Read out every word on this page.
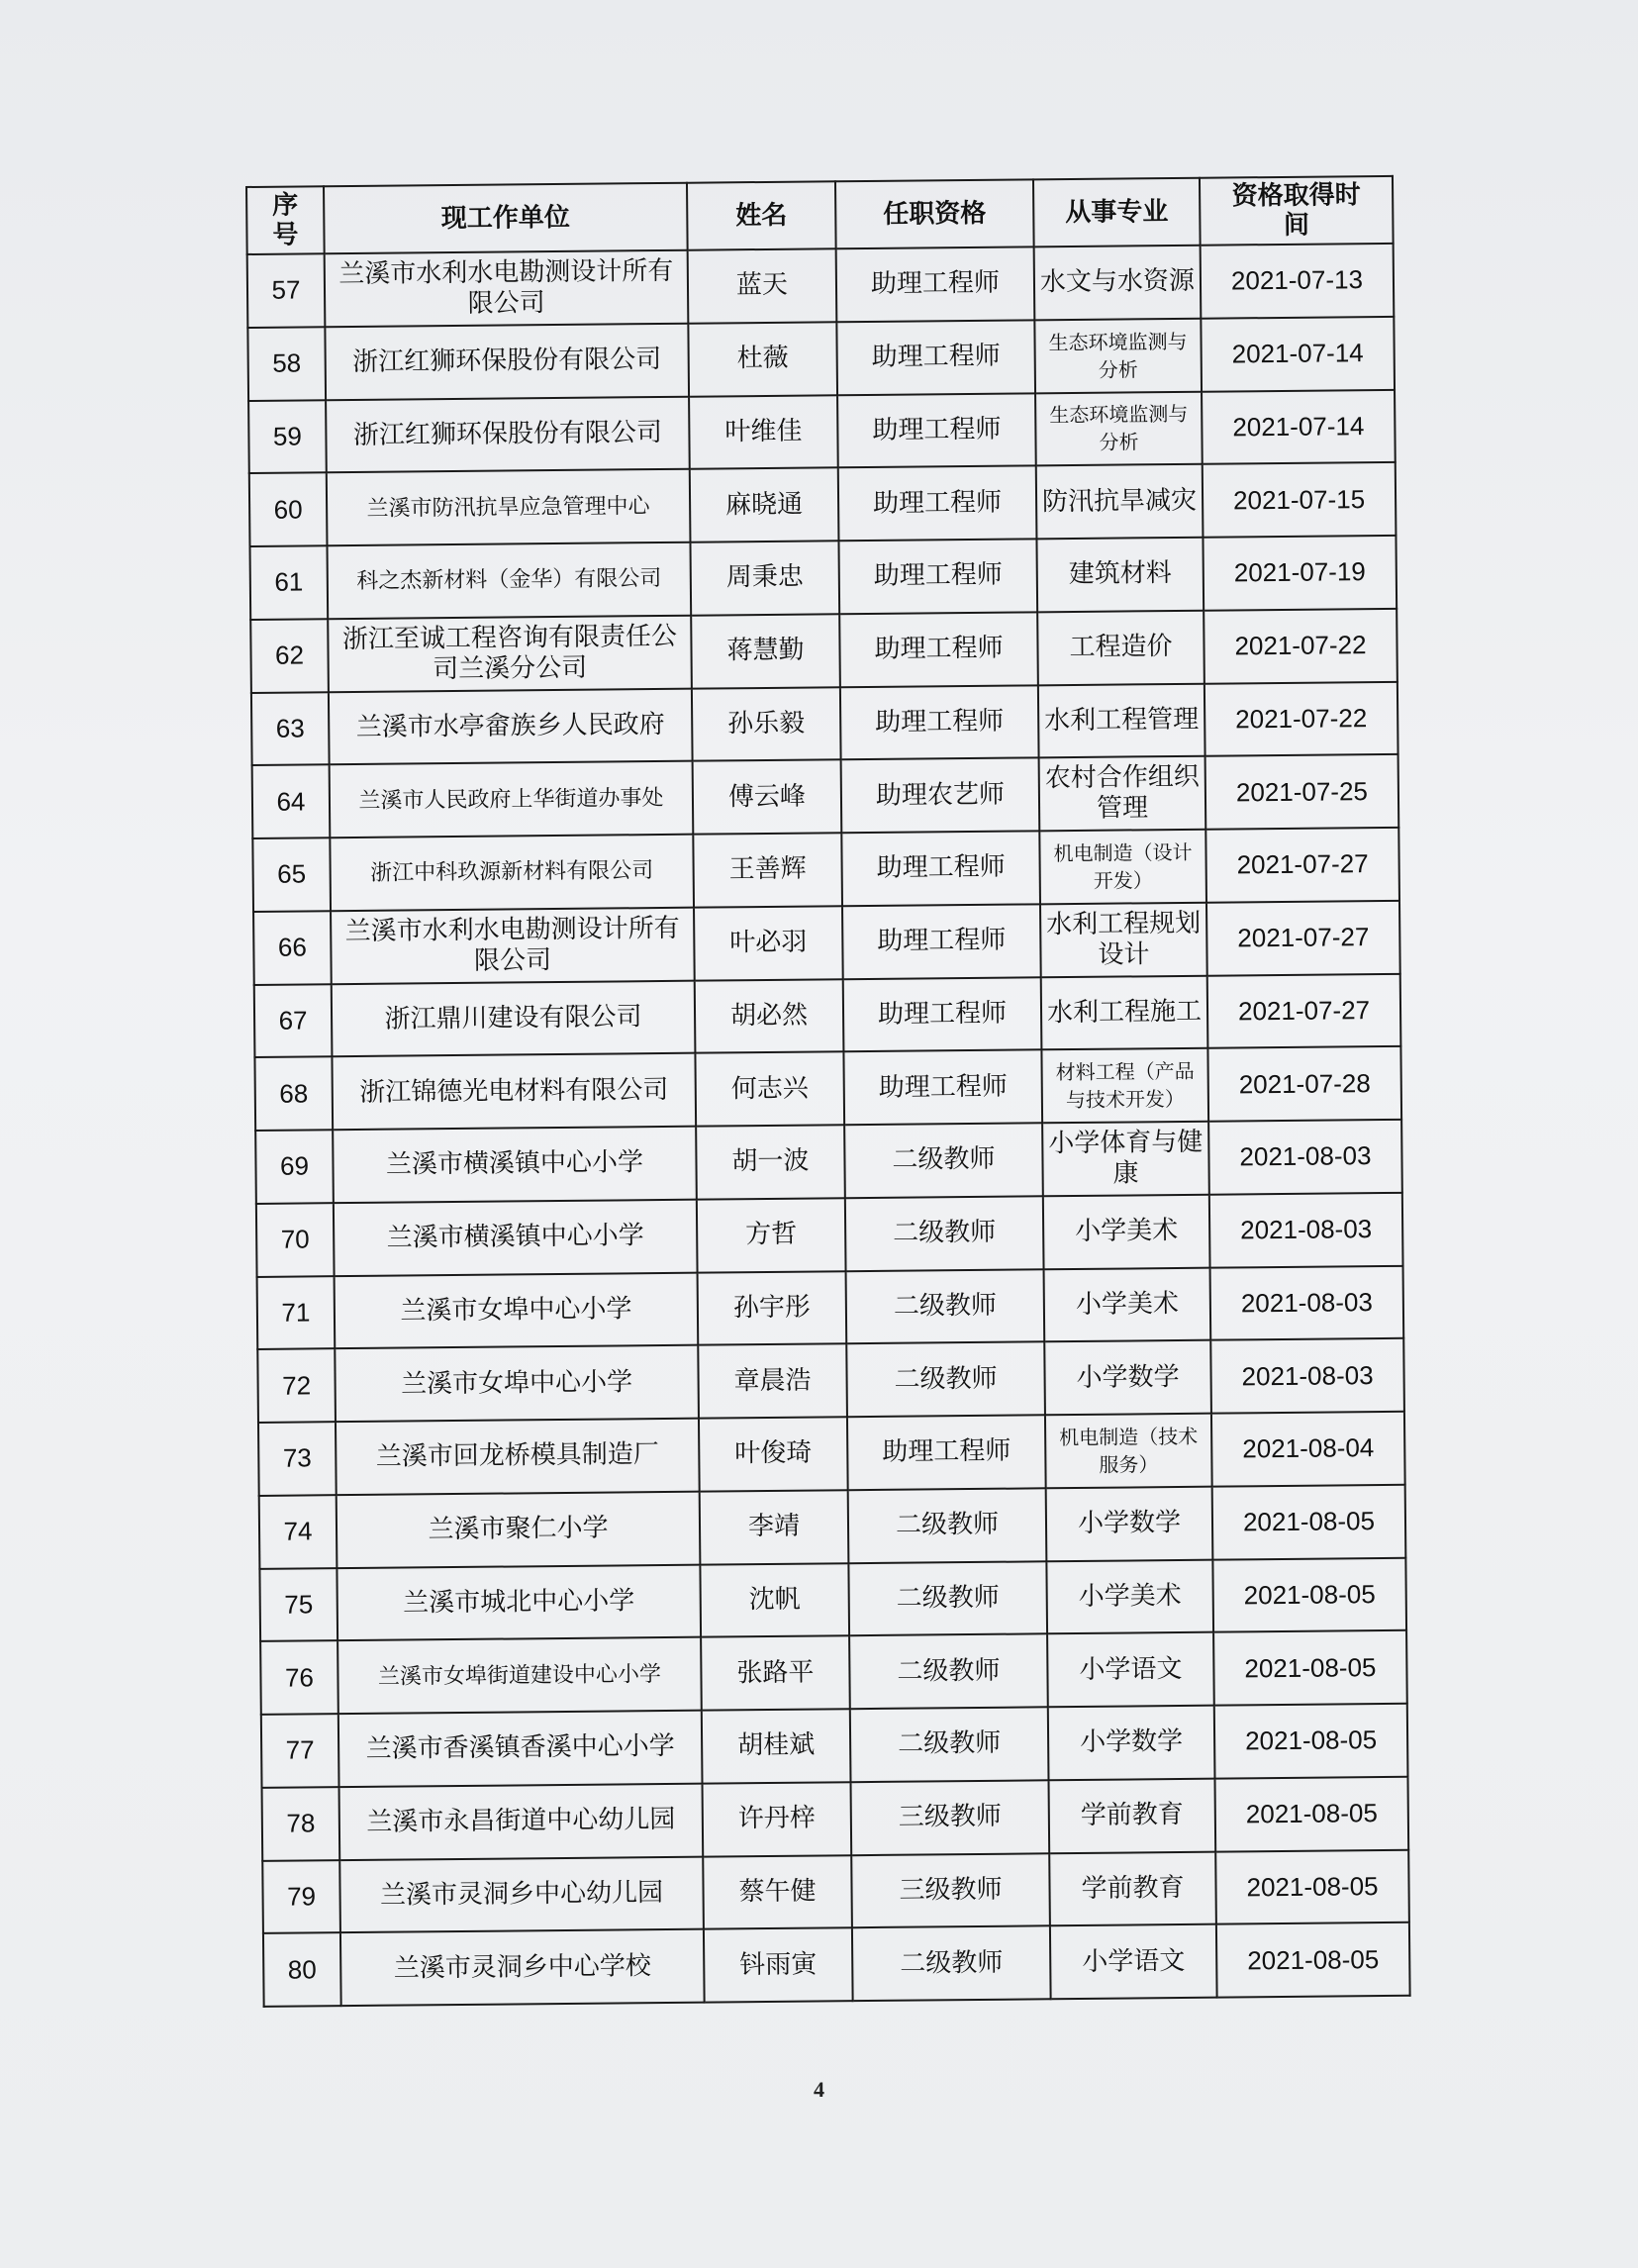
序号	现工作单位	姓名	任职资格	从事专业	资格取得时间
57	兰溪市水利水电勘测设计所有限公司	蓝天	助理工程师	水文与水资源	2021-07-13
58	浙江红狮环保股份有限公司	杜薇	助理工程师	生态环境监测与分析	2021-07-14
59	浙江红狮环保股份有限公司	叶维佳	助理工程师	生态环境监测与分析	2021-07-14
60	兰溪市防汛抗旱应急管理中心	麻晓通	助理工程师	防汛抗旱减灾	2021-07-15
61	科之杰新材料（金华）有限公司	周秉忠	助理工程师	建筑材料	2021-07-19
62	浙江至诚工程咨询有限责任公司兰溪分公司	蒋慧勤	助理工程师	工程造价	2021-07-22
63	兰溪市水亭畲族乡人民政府	孙乐毅	助理工程师	水利工程管理	2021-07-22
64	兰溪市人民政府上华街道办事处	傅云峰	助理农艺师	农村合作组织管理	2021-07-25
65	浙江中科玖源新材料有限公司	王善辉	助理工程师	机电制造（设计开发）	2021-07-27
66	兰溪市水利水电勘测设计所有限公司	叶必羽	助理工程师	水利工程规划设计	2021-07-27
67	浙江鼎川建设有限公司	胡必然	助理工程师	水利工程施工	2021-07-27
68	浙江锦德光电材料有限公司	何志兴	助理工程师	材料工程（产品与技术开发）	2021-07-28
69	兰溪市横溪镇中心小学	胡一波	二级教师	小学体育与健康	2021-08-03
70	兰溪市横溪镇中心小学	方哲	二级教师	小学美术	2021-08-03
71	兰溪市女埠中心小学	孙宇彤	二级教师	小学美术	2021-08-03
72	兰溪市女埠中心小学	章晨浩	二级教师	小学数学	2021-08-03
73	兰溪市回龙桥模具制造厂	叶俊琦	助理工程师	机电制造（技术服务）	2021-08-04
74	兰溪市聚仁小学	李靖	二级教师	小学数学	2021-08-05
75	兰溪市城北中心小学	沈帆	二级教师	小学美术	2021-08-05
76	兰溪市女埠街道建设中心小学	张路平	二级教师	小学语文	2021-08-05
77	兰溪市香溪镇香溪中心小学	胡桂斌	二级教师	小学数学	2021-08-05
78	兰溪市永昌街道中心幼儿园	许丹梓	三级教师	学前教育	2021-08-05
79	兰溪市灵洞乡中心幼儿园	蔡午健	三级教师	学前教育	2021-08-05
80	兰溪市灵洞乡中心学校	钭雨寅	二级教师	小学语文	2021-08-05
4
